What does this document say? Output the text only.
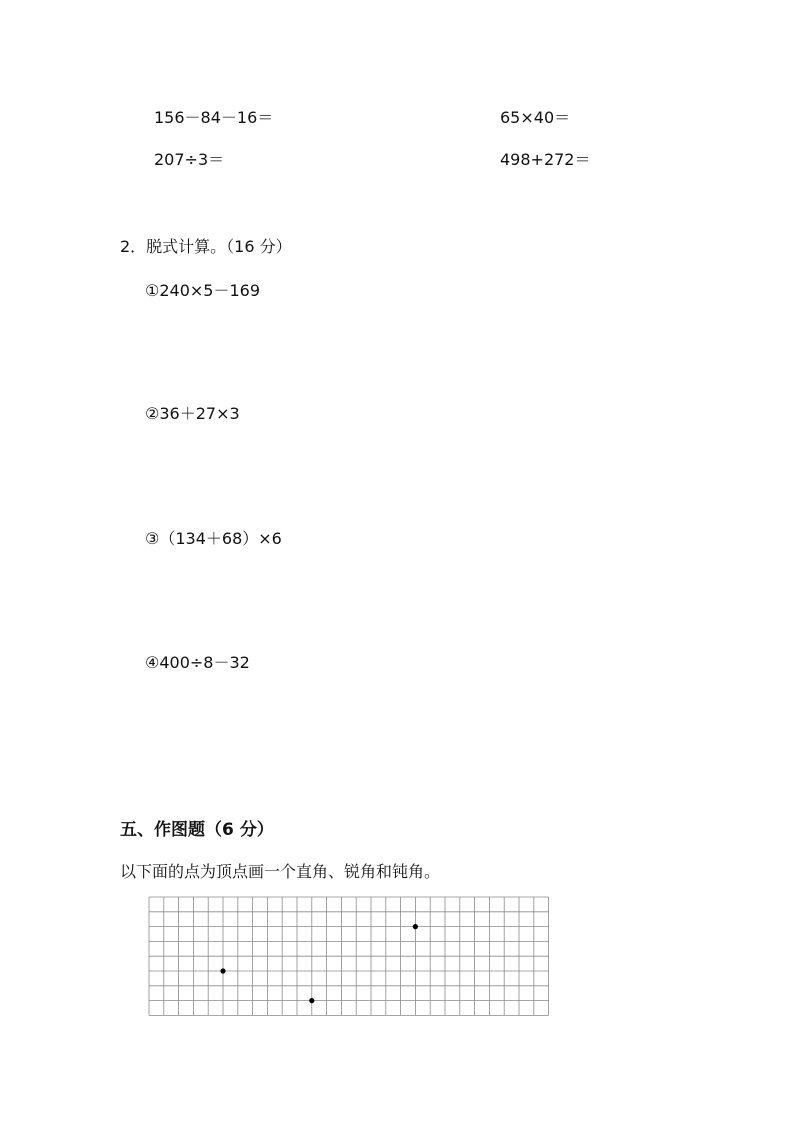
156－84－16＝	65×40＝
207÷3＝	498+272＝
2．脱式计算。（16 分）
①240×5－169
②36＋27×3
③（134＋68）×6
④400÷8－32
五、作图题（6 分）
以下面的点为顶点画一个直角、锐角和钝角。
